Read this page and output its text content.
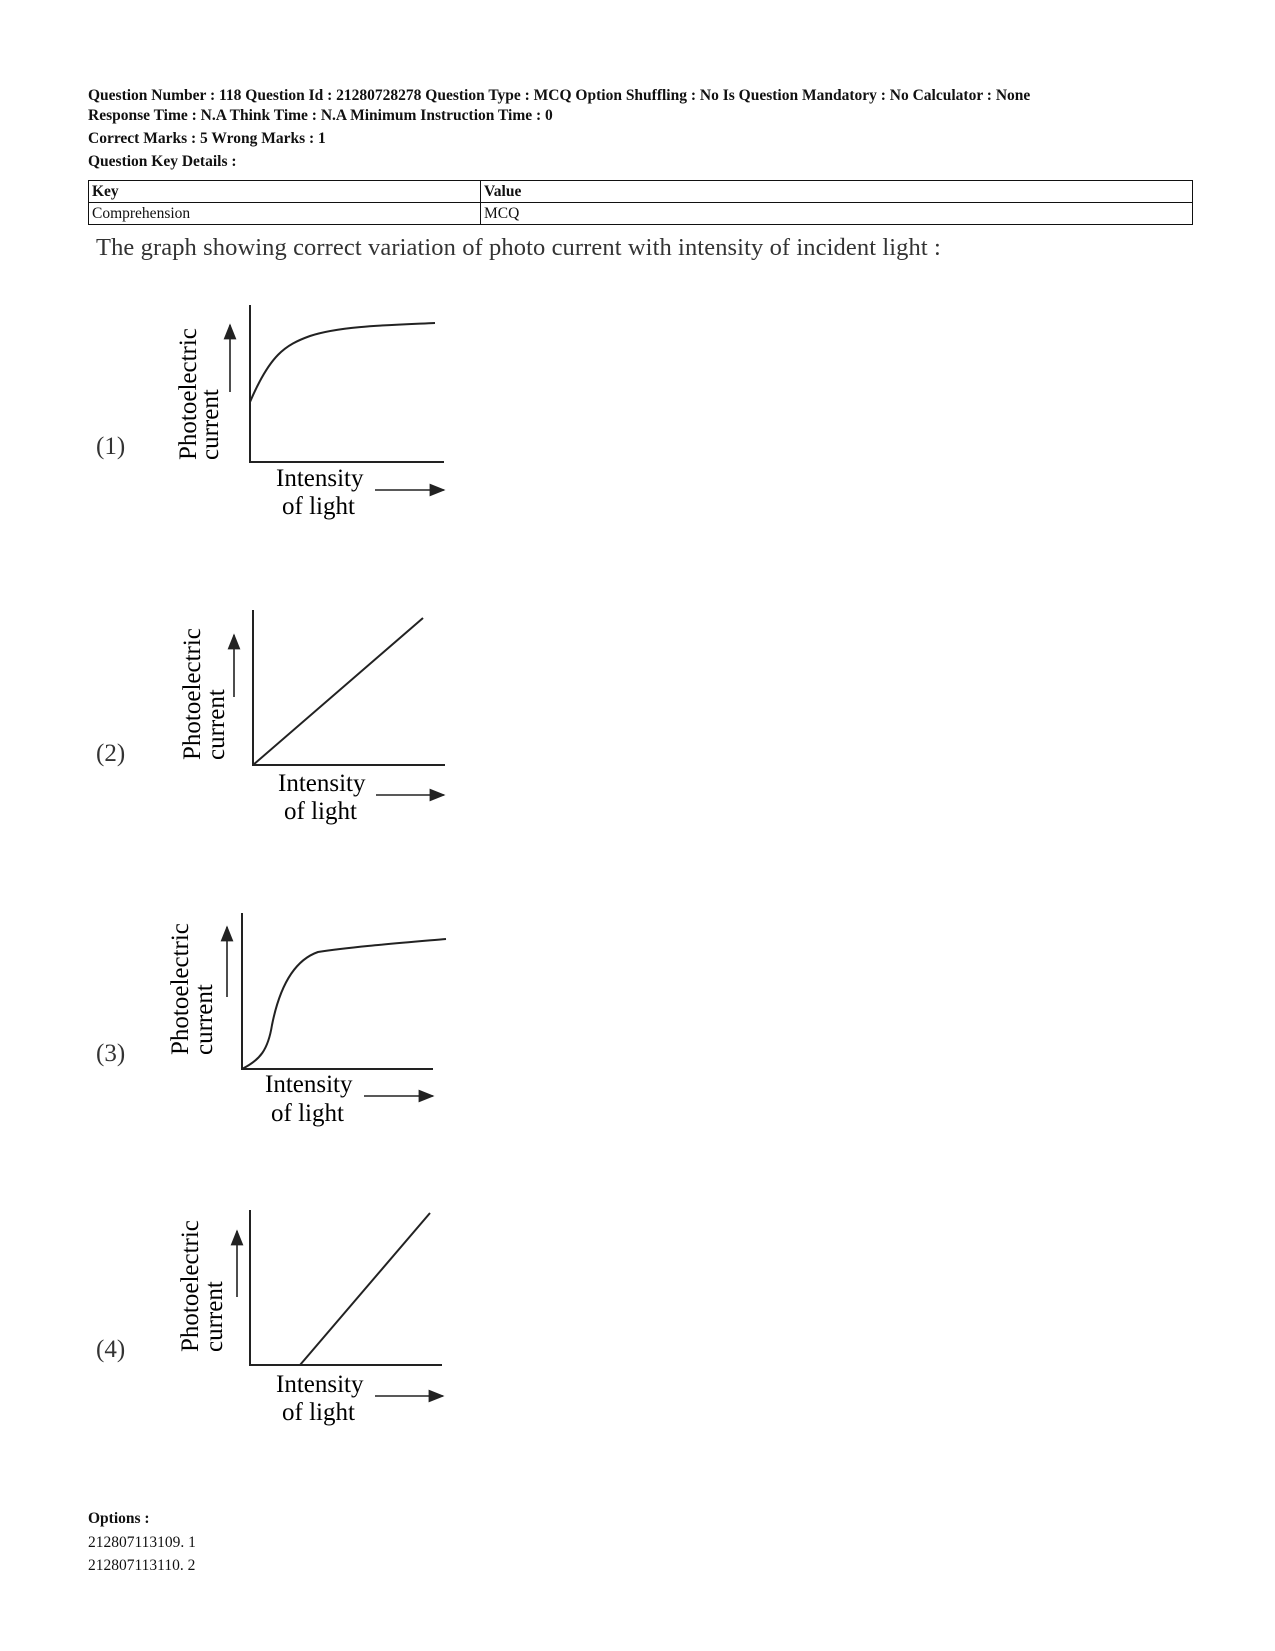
Question Number : 118 Question Id : 21280728278 Question Type : MCQ Option Shuffling : No Is Question Mandatory : No Calculator : None
Response Time : N.A Think Time : N.A Minimum Instruction Time : 0
Correct Marks : 5 Wrong Marks : 1
Question Key Details :
Key	Value
Comprehension	MCQ
The graph showing correct variation of photo current with intensity of incident light :
(1) Photoelectric
current
Intensity
of light
(2) Photoelectric
current
Intensity
of light
(3) Photoelectric
current
Intensity
of light
(4) Photoelectric
current
Intensity
of light
Options :
212807113109. 1
212807113110. 2
